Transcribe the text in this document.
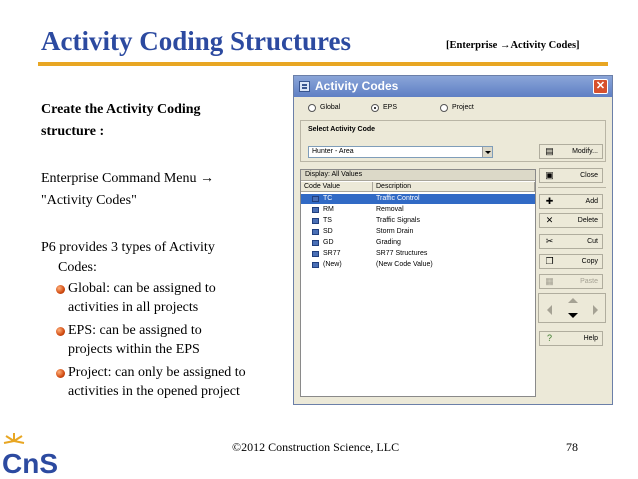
Activity Coding Structures	[Enterprise →Activity Codes]
Create the Activity Coding
structure :
Enterprise Command Menu →
"Activity Codes"
P6 provides 3 types of Activity
Codes:
Global: can be assigned to
activities in all projects
EPS: can be assigned to
projects within the EPS
Project: can only be assigned to
activities in the opened project
Activity Codes	✕
Global	EPS	Project
Select Activity Code
Hunter - Area	▤	Modify...
Display: All Values
Code Value	Description
TC	Traffic Control
RM	Removal
TS	Traffic Signals
SD	Storm Drain
GD	Grading
SR77	SR77 Structures
(New)	(New Code Value)
▣	Close
✚	Add
✕	Delete
✂	Cut
❐	Copy
▦	Paste
?	Help
©2012 Construction Science, LLC	78
CnS
